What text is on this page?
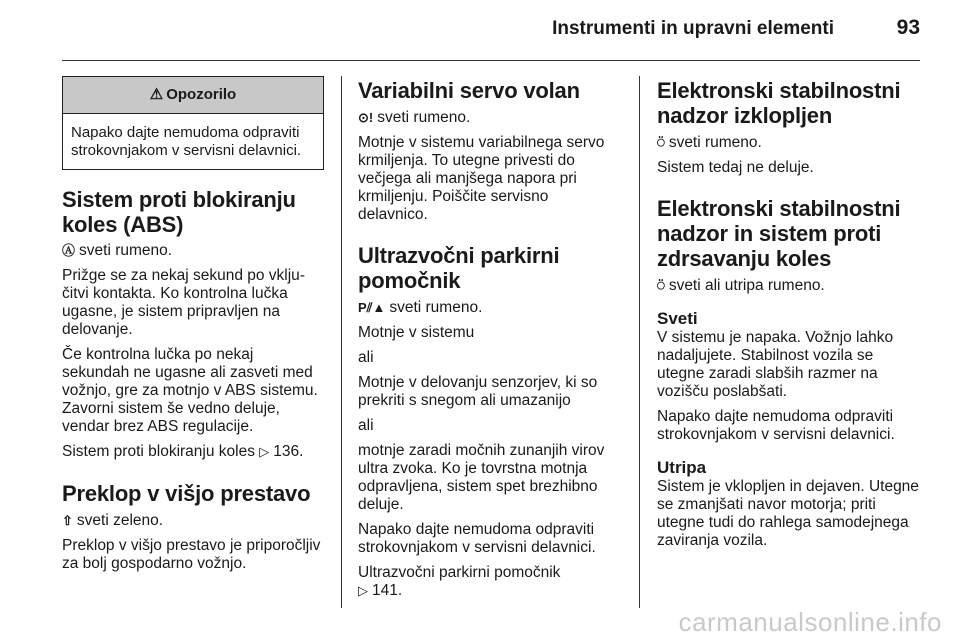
Instrumenti in upravni elementi	93
⚠ Opozorilo
Napako dajte nemudoma odpraviti strokovnjakom v servisni delavnici.
Sistem proti blokiranju koles (ABS)

Ⓐ sveti rumeno.

Prižge se za nekaj sekund po vključitvi kontakta. Ko kontrolna lučka ugasne, je sistem pripravljen na delovanje.

Če kontrolna lučka po nekaj sekundah ne ugasne ali zasveti med vožnjo, gre za motnjo v ABS sistemu. Zavorni sistem še vedno deluje, vendar brez ABS regulacije.

Sistem proti blokiranju koles ▷ 136.

Preklop v višjo prestavo

⇧ sveti zeleno.

Preklop v višjo prestavo je priporočljiv za bolj gospodarno vožnjo.

Variabilni servo volan

⊙! sveti rumeno.

Motnje v sistemu variabilnega servo krmiljenja. To utegne privesti do večjega ali manjšega napora pri krmiljenju. Poiščite servisno delavnico.

Ultrazvočni parkirni pomočnik

P⫽▲ sveti rumeno.

Motnje v sistemu

ali

Motnje v delovanju senzorjev, ki so prekriti s snegom ali umazanijo

ali

motnje zaradi močnih zunanjih virov ultra zvoka. Ko je tovrstna motnja odpravljena, sistem spet brezhibno deluje.

Napako dajte nemudoma odpraviti strokovnjakom v servisni delavnici.

Ultrazvočni parkirni pomočnik
▷ 141.

Elektronski stabilnostni nadzor izklopljen

⍥ sveti rumeno.

Sistem tedaj ne deluje.

Elektronski stabilnostni nadzor in sistem proti zdrsavanju koles

⍥ sveti ali utripa rumeno.

Sveti

V sistemu je napaka. Vožnjo lahko nadaljujete. Stabilnost vozila se utegne zaradi slabših razmer na vozišču poslabšati.

Napako dajte nemudoma odpraviti strokovnjakom v servisni delavnici.

Utripa

Sistem je vklopljen in dejaven. Utegne se zmanjšati navor motorja; priti utegne tudi do rahlega samodejnega zaviranja vozila.

carmanualsonline.info
